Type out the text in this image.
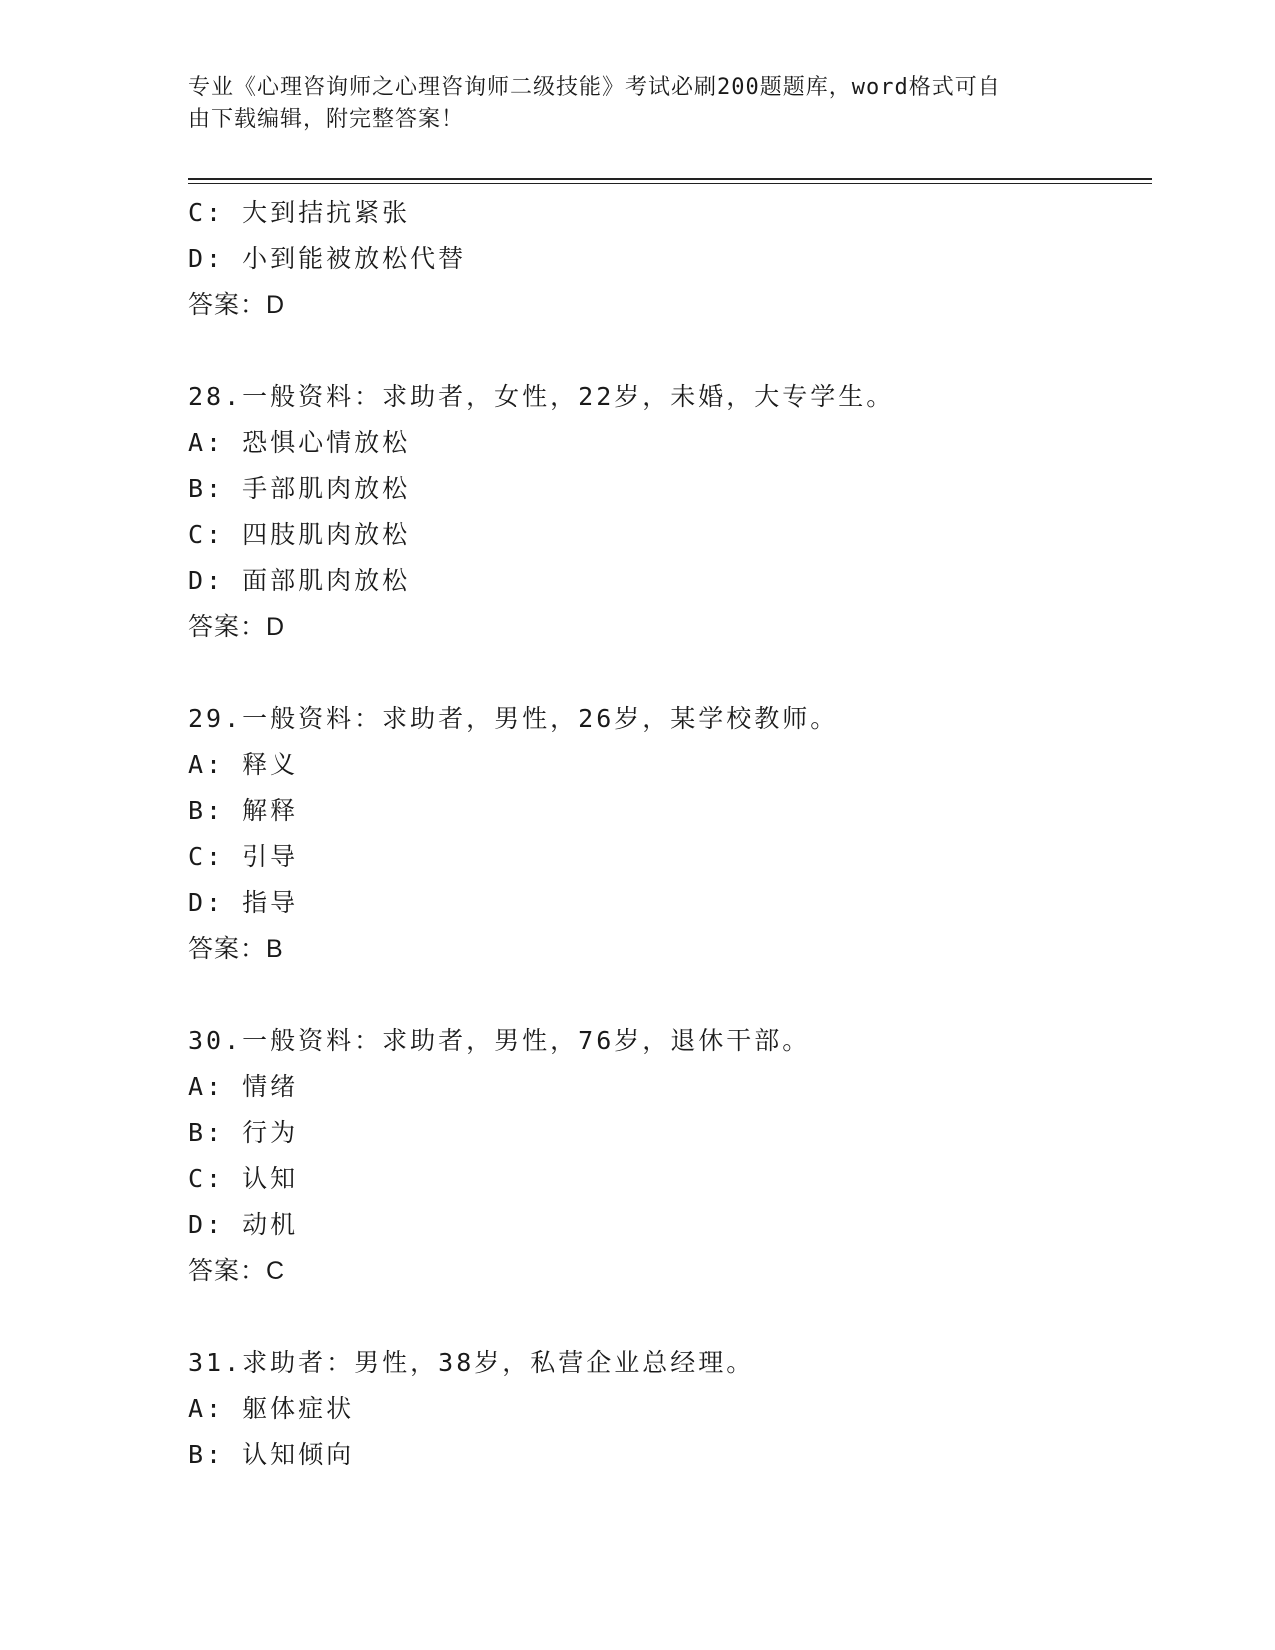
专业《心理咨询师之心理咨询师二级技能》考试必刷200题题库，word格式可自
由下载编辑，附完整答案！
C: 大到拮抗紧张
D: 小到能被放松代替
答案：D
28.一般资料：求助者，女性，22岁，未婚，大专学生。
A: 恐惧心情放松
B: 手部肌肉放松
C: 四肢肌肉放松
D: 面部肌肉放松
答案：D
29.一般资料：求助者，男性，26岁，某学校教师。
A: 释义
B: 解释
C: 引导
D: 指导
答案：B
30.一般资料：求助者，男性，76岁，退休干部。
A: 情绪
B: 行为
C: 认知
D: 动机
答案：C
31.求助者：男性，38岁，私营企业总经理。
A: 躯体症状
B: 认知倾向
